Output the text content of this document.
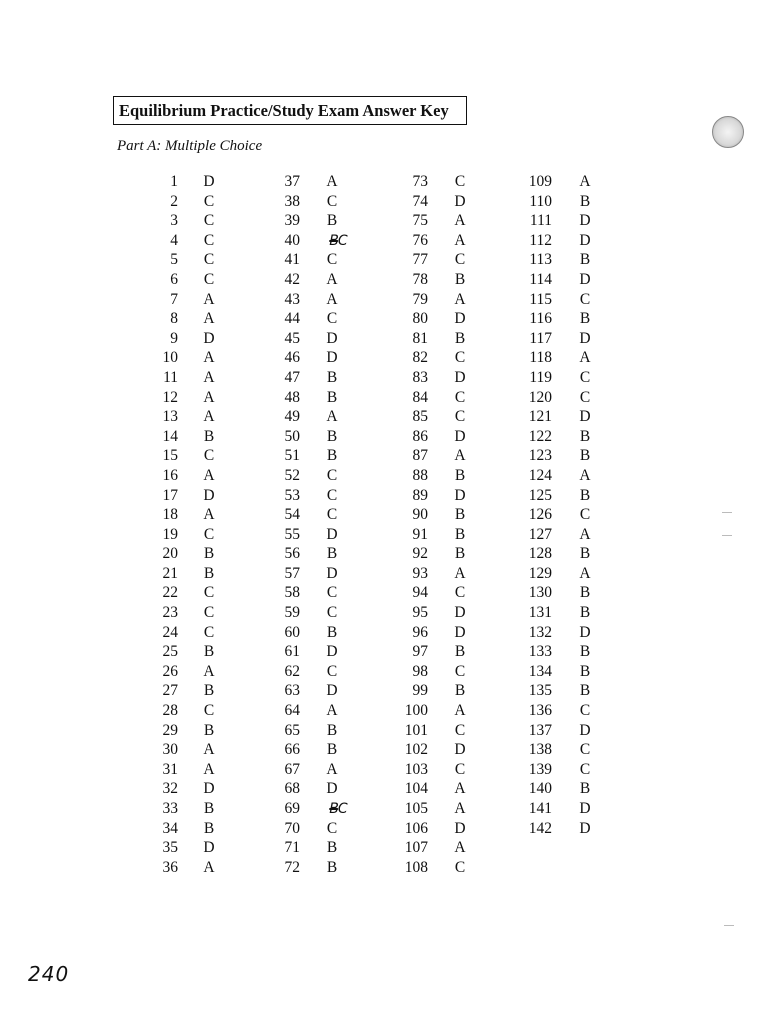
Equilibrium Practice/Study Exam Answer Key
Part A: Multiple Choice
1	D
2	C
3	C
4	C
5	C
6	C
7	A
8	A
9	D
10	A
11	A
12	A
13	A
14	B
15	C
16	A
17	D
18	A
19	C
20	B
21	B
22	C
23	C
24	C
25	B
26	A
27	B
28	C
29	B
30	A
31	A
32	D
33	B
34	B
35	D
36	A
37	A
38	C
39	B
40	BC
41	C
42	A
43	A
44	C
45	D
46	D
47	B
48	B
49	A
50	B
51	B
52	C
53	C
54	C
55	D
56	B
57	D
58	C
59	C
60	B
61	D
62	C
63	D
64	A
65	B
66	B
67	A
68	D
69	BC
70	C
71	B
72	B
73	C
74	D
75	A
76	A
77	C
78	B
79	A
80	D
81	B
82	C
83	D
84	C
85	C
86	D
87	A
88	B
89	D
90	B
91	B
92	B
93	A
94	C
95	D
96	D
97	B
98	C
99	B
100	A
101	C
102	D
103	C
104	A
105	A
106	D
107	A
108	C
109	A
110	B
111	D
112	D
113	B
114	D
115	C
116	B
117	D
118	A
119	C
120	C
121	D
122	B
123	B
124	A
125	B
126	C
127	A
128	B
129	A
130	B
131	B
132	D
133	B
134	B
135	B
136	C
137	D
138	C
139	C
140	B
141	D
142	D
240
